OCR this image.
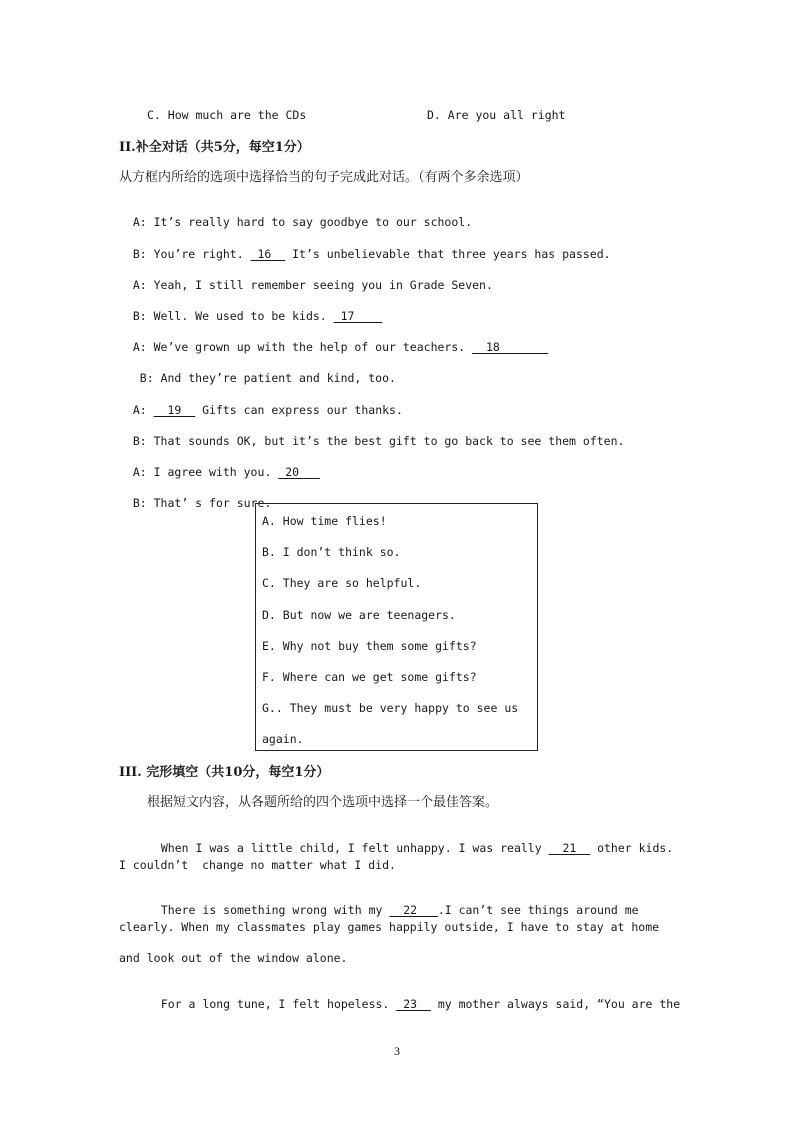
C. How much are the CDs	D. Are you all right
II.补全对话（共5分，每空1分）
从方框内所给的选项中选择恰当的句子完成此对话。（有两个多余选项）

A: It’s really hard to say goodbye to our school.

B: You’re right.  16   It’s unbelievable that three years has passed.

A: Yeah, I still remember seeing you in Grade Seven.

B: Well. We used to be kids.  17

A: We’ve grown up with the help of our teachers.   18

B: And they’re patient and kind, too.

A:   19   Gifts can express our thanks.

B: That sounds OK, but it’s the best gift to go back to see them often.

A: I agree with you.  20

B: That’ s for sure.

A. How time flies!
B. I don’t think so.
C. They are so helpful.
D. But now we are teenagers.
E. Why not buy them some gifts?
F. Where can we get some gifts?
G.. They must be very happy to see us
again.
III. 完形填空（共10分，每空1分）
根据短文内容，从各题所给的四个选项中选择一个最佳答案。

When I was a little child, I felt unhappy. I was really   21   other kids.

I couldn’t  change no matter what I did.

There is something wrong with my   22   .I can’t see things around me

clearly. When my classmates play games happily outside, I have to stay at home
and look out of the window alone.

For a long tune, I felt hopeless.  23   my mother always said, “You are the

3
